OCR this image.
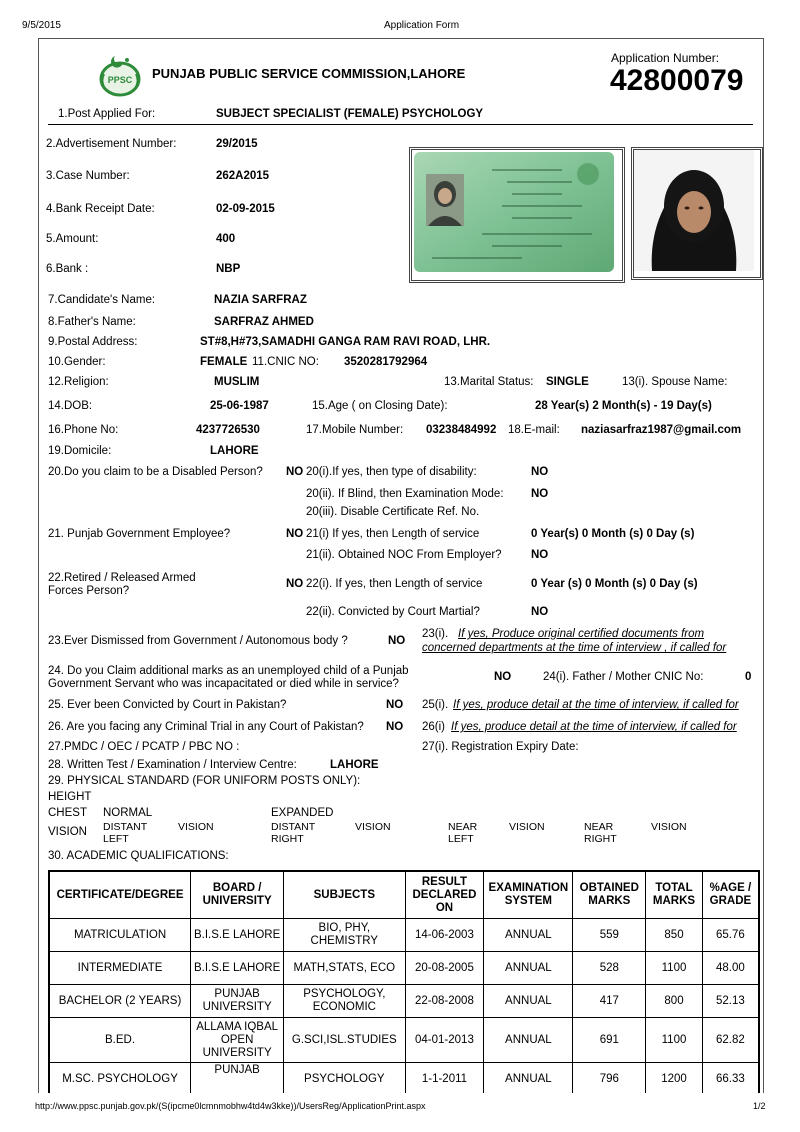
9/5/2015	Application Form
PPSC PUNJAB PUBLIC SERVICE COMMISSION,LAHORE
Application Number:
42800079
1.Post Applied For:	SUBJECT SPECIALIST (FEMALE) PSYCHOLOGY
2.Advertisement Number:	29/2015
3.Case Number:	262A2015
4.Bank Receipt Date:	02-09-2015
5.Amount:	400
6.Bank :	NBP
7.Candidate's Name:	NAZIA SARFRAZ
8.Father's Name:	SARFRAZ AHMED
9.Postal Address:	ST#8,H#73,SAMADHI GANGA RAM RAVI ROAD, LHR.
10.Gender:	FEMALE 11.CNIC NO: 3520281792964
12.Religion:	MUSLIM	13.Marital Status: SINGLE	13(i). Spouse Name:
14.DOB:	25-06-1987	15.Age ( on Closing Date):	28 Year(s) 2 Month(s) - 19 Day(s)
16.Phone No:	4237726530	17.Mobile Number: 03238484992 18.E-mail: naziasarfraz1987@gmail.com
19.Domicile:	LAHORE
20.Do you claim to be a Disabled Person? NO 20(i).If yes, then type of disability:	NO
20(ii). If Blind, then Examination Mode: NO
20(iii). Disable Certificate Ref. No.
21. Punjab Government Employee?	NO 21(i) If yes, then Length of service	0 Year(s) 0 Month (s) 0 Day (s)
21(ii). Obtained NOC From Employer?	NO
22.Retired / Released Armed
Forces Person?
NO 22(i). If yes, then Length of service	0 Year (s) 0 Month (s) 0 Day (s)
22(ii). Convicted by Court Martial?	NO
23.Ever Dismissed from Government / Autonomous body ?	NO
23(i). If yes, Produce original certified documents from
concerned departments at the time of interview , if called for
24. Do you Claim additional marks as an unemployed child of a Punjab
Government Servant who was incapacitated or died while in service?
NO	24(i). Father / Mother CNIC No:	0
25. Ever been Convicted by Court in Pakistan?	NO 25(i). If yes, produce detail at the time of interview, if called for
26. Are you facing any Criminal Trial in any Court of Pakistan? NO 26(i) If yes, produce detail at the time of interview, if called for
27.PMDC / OEC / PCATP / PBC NO :	27(i). Registration Expiry Date:
28. Written Test / Examination / Interview Centre:	LAHORE
29. PHYSICAL STANDARD (FOR UNIFORM POSTS ONLY):
HEIGHT
CHEST NORMAL	EXPANDED
VISION DISTANT
LEFT
VISION	DISTANT
RIGHT
VISION	NEAR
LEFT
VISION	NEAR
RIGHT
VISION
30. ACADEMIC QUALIFICATIONS:
CERTIFICATE/DEGREE	BOARD / UNIVERSITY	SUBJECTS	RESULT DECLARED ON	EXAMINATION SYSTEM	OBTAINED MARKS	TOTAL MARKS	%AGE / GRADE
MATRICULATION	B.I.S.E LAHORE	BIO, PHY, CHEMISTRY	14-06-2003	ANNUAL	559	850	65.76
INTERMEDIATE	B.I.S.E LAHORE	MATH,STATS, ECO	20-08-2005	ANNUAL	528	1100	48.00
BACHELOR (2 YEARS)	PUNJAB UNIVERSITY	PSYCHOLOGY, ECONOMIC	22-08-2008	ANNUAL	417	800	52.13
B.ED.	ALLAMA IQBAL OPEN UNIVERSITY	G.SCI,ISL.STUDIES	04-01-2013	ANNUAL	691	1100	62.82
M.SC. PSYCHOLOGY	PUNJAB	PSYCHOLOGY	1-1-2011	ANNUAL	796	1200	66.33
http://www.ppsc.punjab.gov.pk/(S(ipcme0lcmnmobhw4td4w3kke))/UsersReg/ApplicationPrint.aspx	1/2
